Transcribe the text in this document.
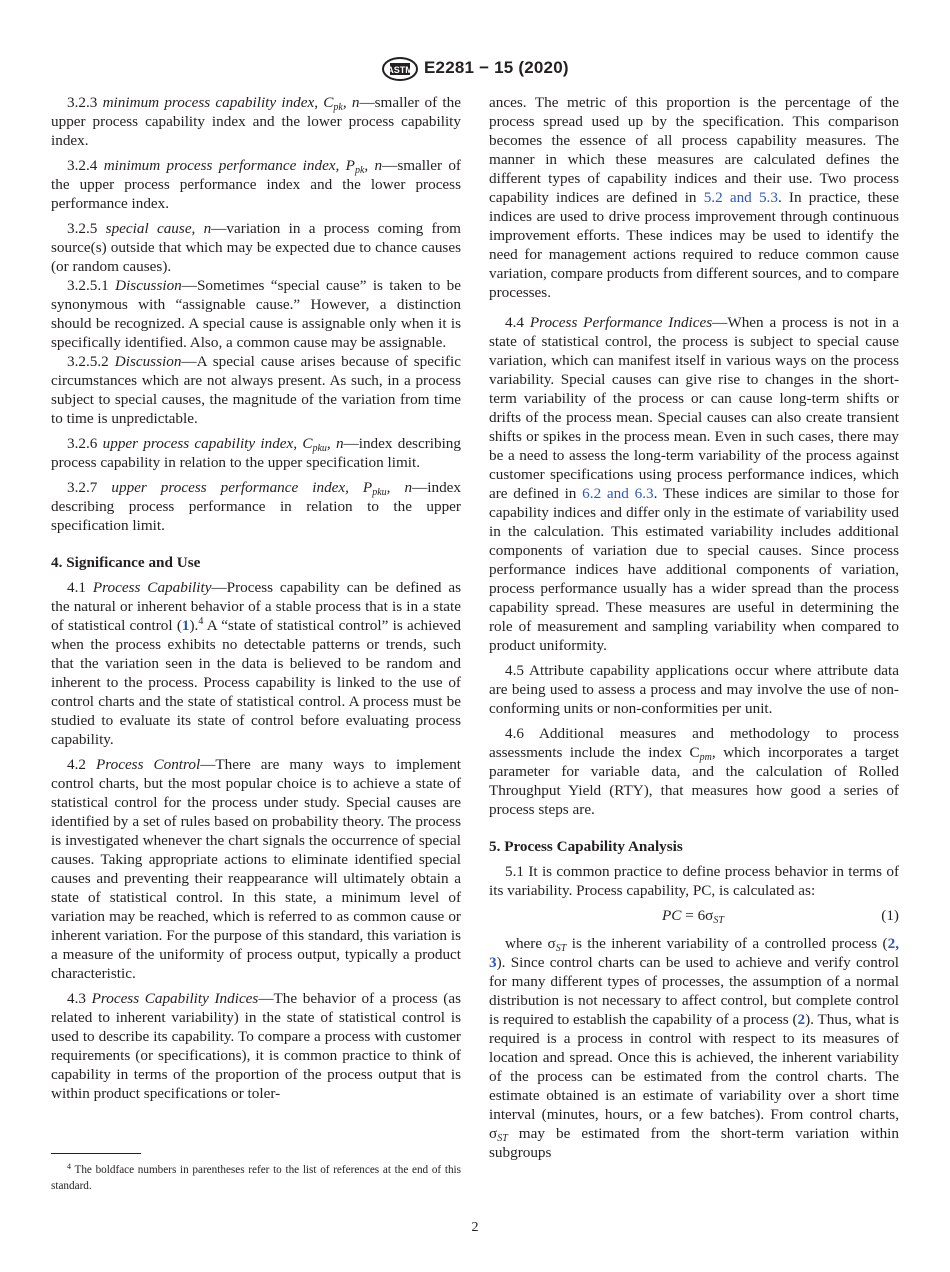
ASTM E2281 − 15 (2020)

3.2.3 minimum process capability index, $C_{pk}$, n—smaller of the upper process capability index and the lower process capability index.

3.2.4 minimum process performance index, $P_{pk}$, n—smaller of the upper process performance index and the lower process performance index.

3.2.5 special cause, n—variation in a process coming from source(s) outside that which may be expected due to chance causes (or random causes).

3.2.5.1 Discussion—Sometimes “special cause” is taken to be synonymous with “assignable cause.” However, a distinction should be recognized. A special cause is assignable only when it is specifically identified. Also, a common cause may be assignable.

3.2.5.2 Discussion—A special cause arises because of specific circumstances which are not always present. As such, in a process subject to special causes, the magnitude of the variation from time to time is unpredictable.

3.2.6 upper process capability index, $C_{pku}$, n—index describing process capability in relation to the upper specification limit.

3.2.7 upper process performance index, $P_{pku}$, n—index describing process performance in relation to the upper specification limit.

4. Significance and Use

4.1 Process Capability—Process capability can be defined as the natural or inherent behavior of a stable process that is in a state of statistical control (1).$^4$ A “state of statistical control” is achieved when the process exhibits no detectable patterns or trends, such that the variation seen in the data is believed to be random and inherent to the process. Process capability is linked to the use of control charts and the state of statistical control. A process must be studied to evaluate its state of control before evaluating process capability.

4.2 Process Control—There are many ways to implement control charts, but the most popular choice is to achieve a state of statistical control for the process under study. Special causes are identified by a set of rules based on probability theory. The process is investigated whenever the chart signals the occurrence of special causes. Taking appropriate actions to eliminate identified special causes and preventing their reappearance will ultimately obtain a state of statistical control. In this state, a minimum level of variation may be reached, which is referred to as common cause or inherent variation. For the purpose of this standard, this variation is a measure of the uniformity of process output, typically a product characteristic.

4.3 Process Capability Indices—The behavior of a process (as related to inherent variability) in the state of statistical control is used to describe its capability. To compare a process with customer requirements (or specifications), it is common practice to think of capability in terms of the proportion of the process output that is within product specifications or toler-

ances. The metric of this proportion is the percentage of the process spread used up by the specification. This comparison becomes the essence of all process capability measures. The manner in which these measures are calculated defines the different types of capability indices and their use. Two process capability indices are defined in 5.2 and 5.3. In practice, these indices are used to drive process improvement through continuous improvement efforts. These indices may be used to identify the need for management actions required to reduce common cause variation, compare products from different sources, and to compare processes.

4.4 Process Performance Indices—When a process is not in a state of statistical control, the process is subject to special cause variation, which can manifest itself in various ways on the process variability. Special causes can give rise to changes in the short-term variability of the process or can cause long-term shifts or drifts of the process mean. Special causes can also create transient shifts or spikes in the process mean. Even in such cases, there may be a need to assess the long-term variability of the process against customer specifications using process performance indices, which are defined in 6.2 and 6.3. These indices are similar to those for capability indices and differ only in the estimate of variability used in the calculation. This estimated variability includes additional components of variation due to special causes. Since process performance indices have additional components of variation, process performance usually has a wider spread than the process capability spread. These measures are useful in determining the role of measurement and sampling variability when compared to product uniformity.

4.5 Attribute capability applications occur where attribute data are being used to assess a process and may involve the use of non-conforming units or non-conformities per unit.

4.6 Additional measures and methodology to process assessments include the index $C_{pm}$, which incorporates a target parameter for variable data, and the calculation of Rolled Throughput Yield (RTY), that measures how good a series of process steps are.

5. Process Capability Analysis

5.1 It is common practice to define process behavior in terms of its variability. Process capability, PC, is calculated as:

PC = $6\sigma_{ST}$	(1)

where $\sigma_{ST}$ is the inherent variability of a controlled process (2, 3). Since control charts can be used to achieve and verify control for many different types of processes, the assumption of a normal distribution is not necessary to affect control, but complete control is required to establish the capability of a process (2). Thus, what is required is a process in control with respect to its measures of location and spread. Once this is achieved, the inherent variability of the process can be estimated from the control charts. The estimate obtained is an estimate of variability over a short time interval (minutes, hours, or a few batches). From control charts, $\sigma_{ST}$ may be estimated from the short-term variation within subgroups

$^4$ The boldface numbers in parentheses refer to the list of references at the end of this standard.

2
